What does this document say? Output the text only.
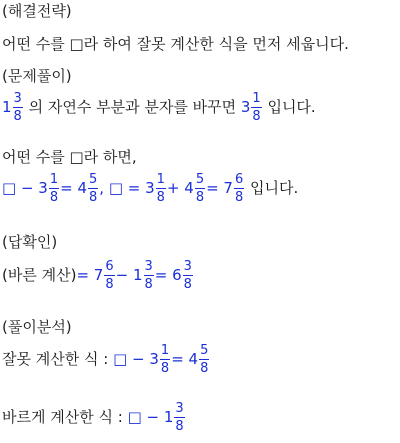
(해결전략)
어떤 수를 □라 하여 잘못 계산한 식을 먼저 세웁니다.
(문제풀이)
$1 \frac{3}{8}$ 의 자연수 부분과 분자를 바꾸면 $3 \frac{1}{8}$ 입니다.
어떤 수를 □라 하면,
□ − $3 \frac{1}{8} = 4 \frac{5}{8}$ , □ = $3 \frac{1}{8} + 4 \frac{5}{8} = 7 \frac{6}{8}$ 입니다.
(답확인)
(바른 계산)= $7 \frac{6}{8} - 1 \frac{3}{8} = 6 \frac{3}{8}$
(풀이분석)
잘못 계산한 식 : □ − $3 \frac{1}{8} = 4 \frac{5}{8}$
바르게 계산한 식 : □ − $1 \frac{3}{8}$
